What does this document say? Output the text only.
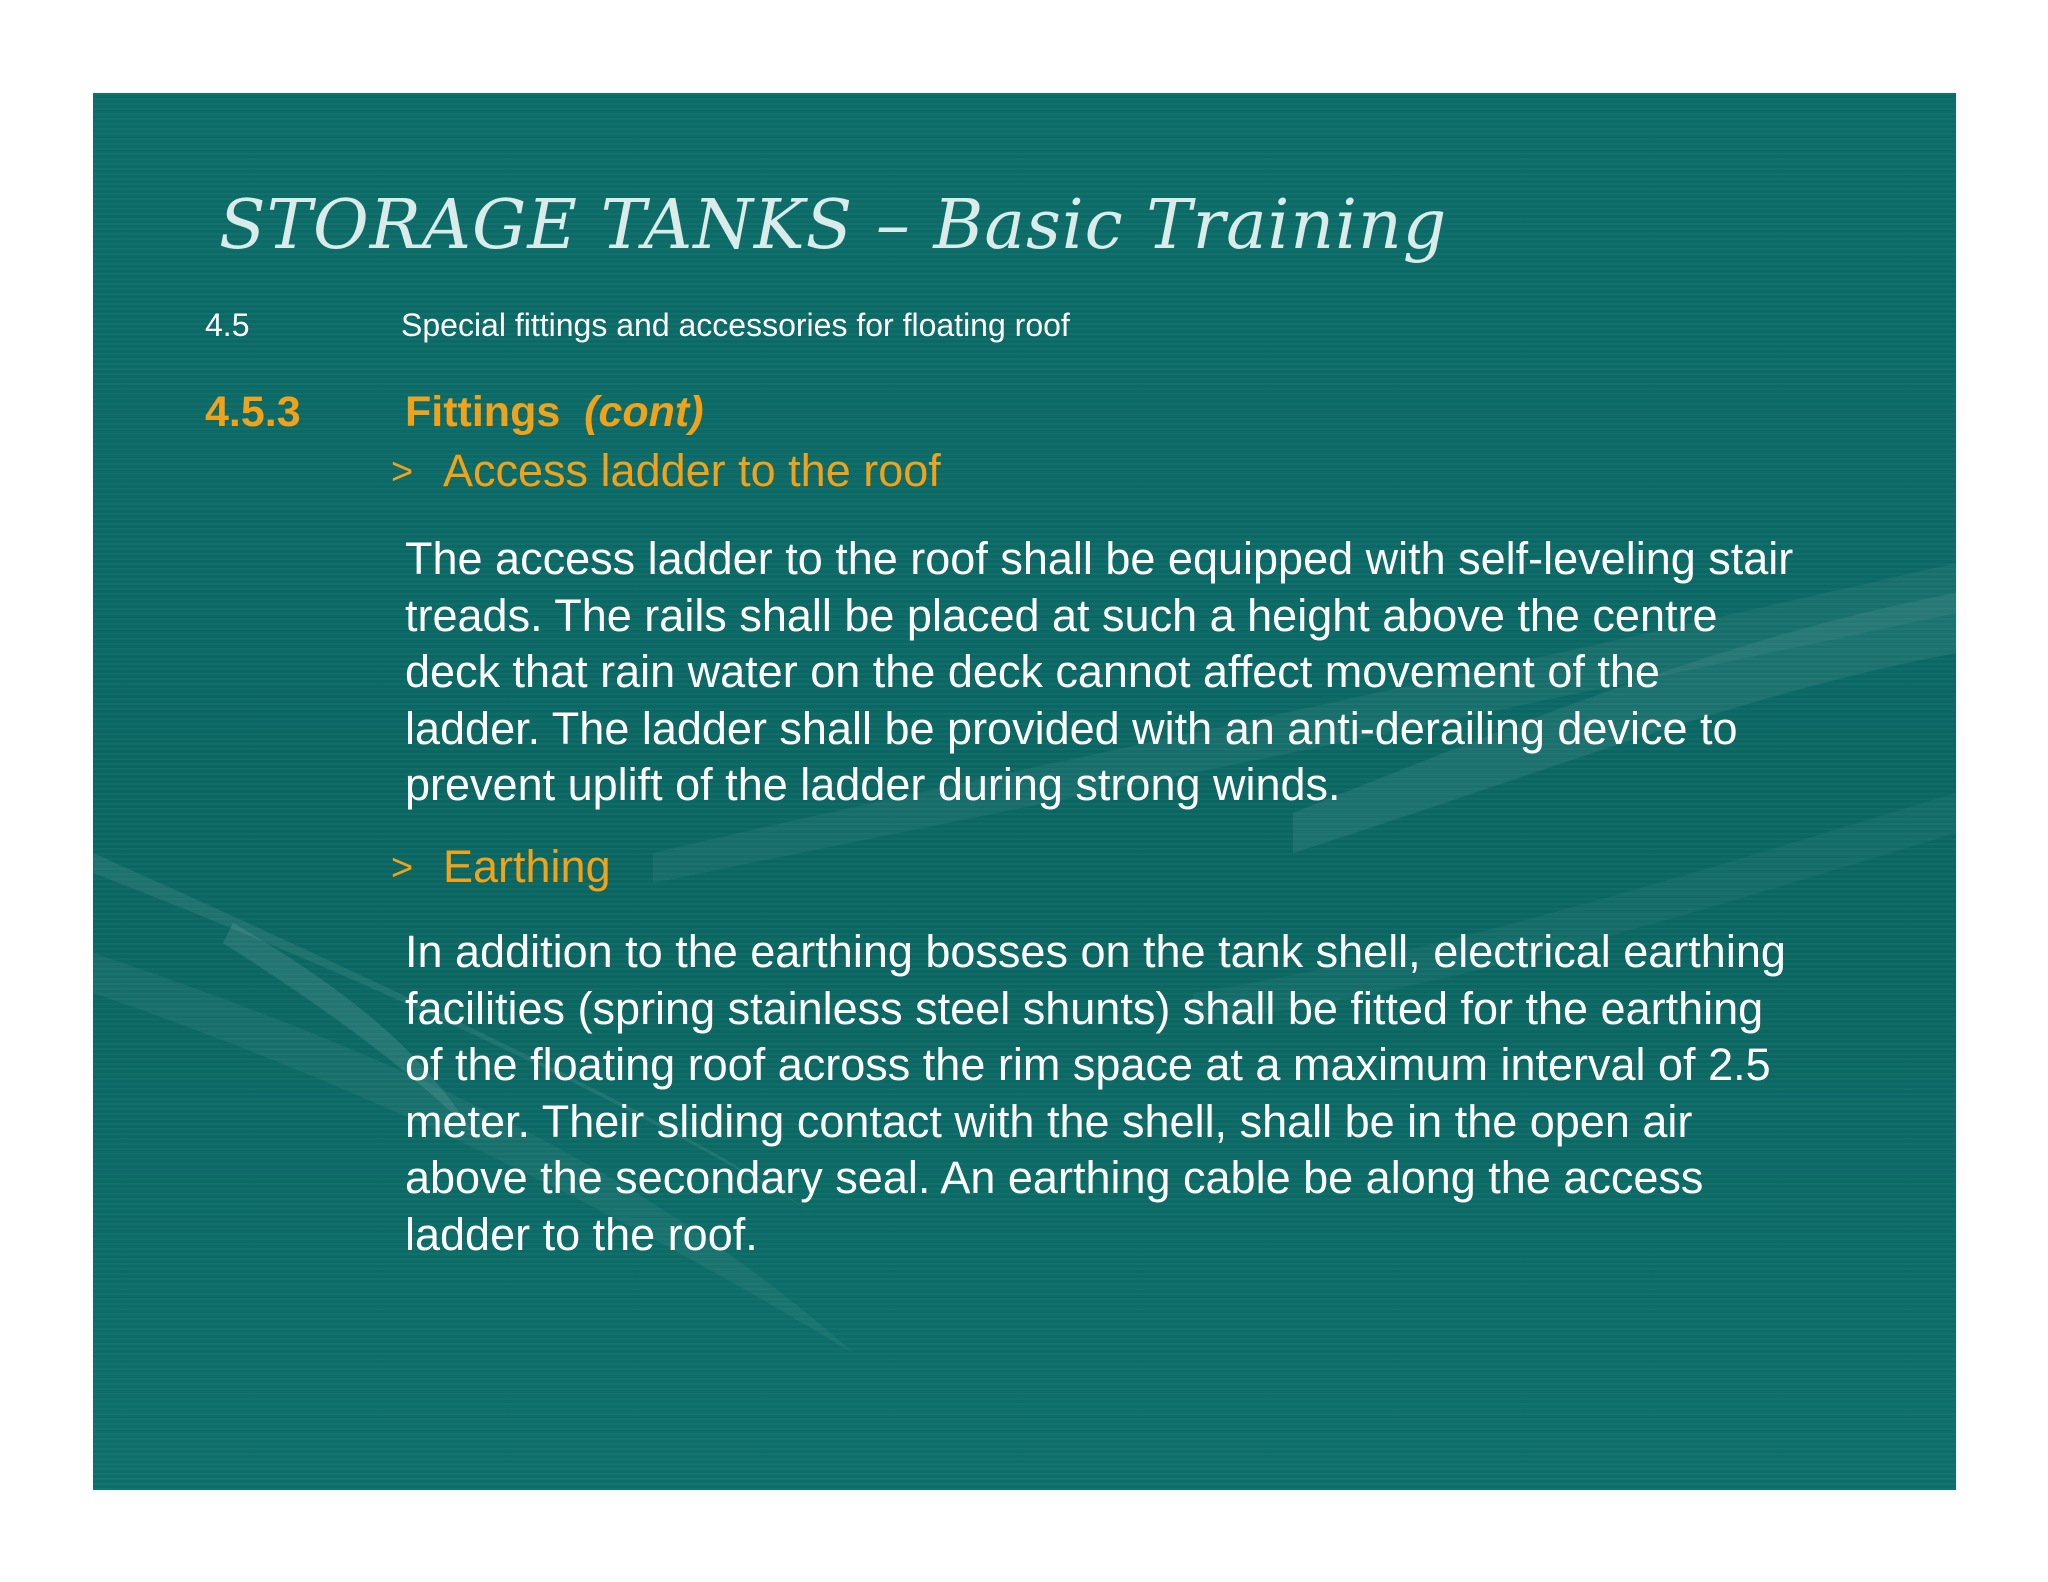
STORAGE TANKS – Basic Training
4.5	Special fittings and accessories for floating roof
4.5.3 Fittings (cont)
> Access ladder to the roof
The access ladder to the roof shall be equipped with self-leveling stair
treads. The rails shall be placed at such a height above the centre
deck that rain water on the deck cannot affect movement of the
ladder. The ladder shall be provided with an anti-derailing device to
prevent uplift of the ladder during strong winds.
> Earthing
In addition to the earthing bosses on the tank shell, electrical earthing
facilities (spring stainless steel shunts) shall be fitted for the earthing
of the floating roof across the rim space at a maximum interval of 2.5
meter. Their sliding contact with the shell, shall be in the open air
above the secondary seal. An earthing cable be along the access
ladder to the roof.
